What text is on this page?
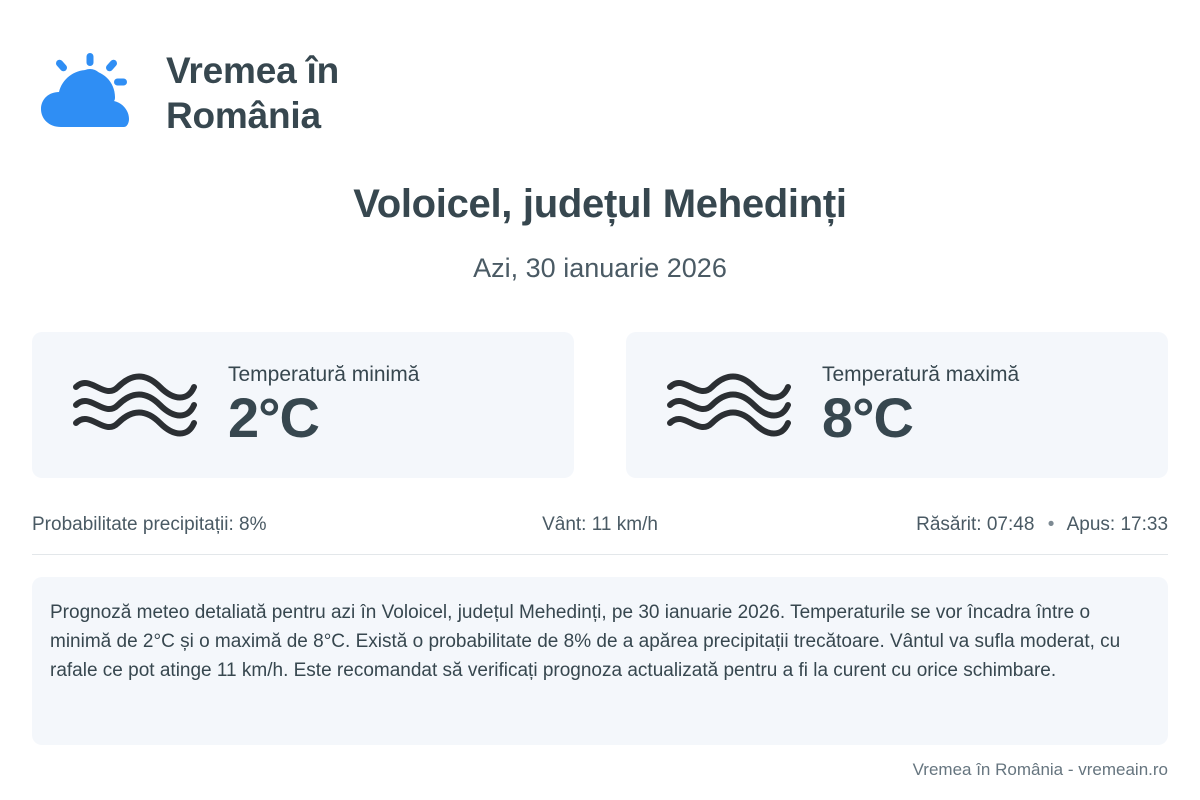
Vremea în România
Voloicel, județul Mehedinți
Azi, 30 ianuarie 2026
Temperatură minimă
2°C
Temperatură maximă
8°C
Probabilitate precipitații: 8%	Vânt: 11 km/h	Răsărit: 07:48 • Apus: 17:33
Prognoză meteo detaliată pentru azi în Voloicel, județul Mehedinți, pe 30 ianuarie 2026. Temperaturile se vor încadra între o minimă de 2°C și o maximă de 8°C. Există o probabilitate de 8% de a apărea precipitații trecătoare. Vântul va sufla moderat, cu rafale ce pot atinge 11 km/h. Este recomandat să verificați prognoza actualizată pentru a fi la curent cu orice schimbare.
Vremea în România - vremeain.ro
